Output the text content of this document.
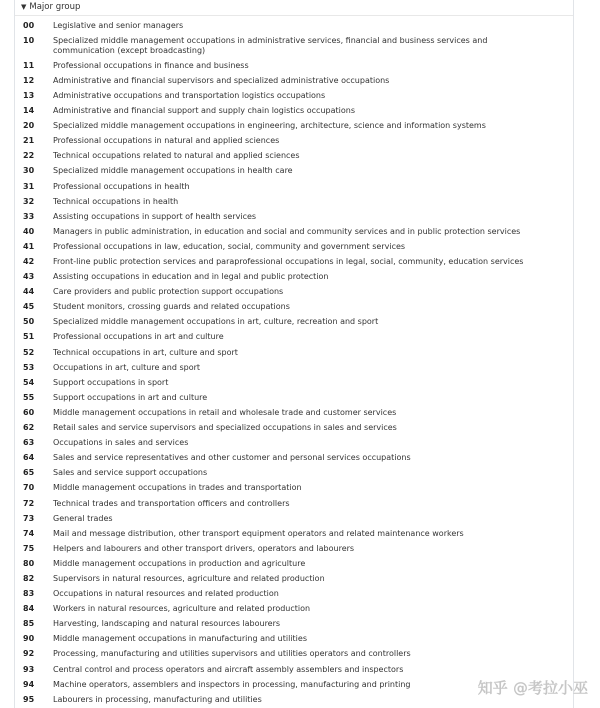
▼ Major group
00	Legislative and senior managers
10	Specialized middle management occupations in administrative services, financial and business services and communication (except broadcasting)
11	Professional occupations in finance and business
12	Administrative and financial supervisors and specialized administrative occupations
13	Administrative occupations and transportation logistics occupations
14	Administrative and financial support and supply chain logistics occupations
20	Specialized middle management occupations in engineering, architecture, science and information systems
21	Professional occupations in natural and applied sciences
22	Technical occupations related to natural and applied sciences
30	Specialized middle management occupations in health care
31	Professional occupations in health
32	Technical occupations in health
33	Assisting occupations in support of health services
40	Managers in public administration, in education and social and community services and in public protection services
41	Professional occupations in law, education, social, community and government services
42	Front-line public protection services and paraprofessional occupations in legal, social, community, education services
43	Assisting occupations in education and in legal and public protection
44	Care providers and public protection support occupations
45	Student monitors, crossing guards and related occupations
50	Specialized middle management occupations in art, culture, recreation and sport
51	Professional occupations in art and culture
52	Technical occupations in art, culture and sport
53	Occupations in art, culture and sport
54	Support occupations in sport
55	Support occupations in art and culture
60	Middle management occupations in retail and wholesale trade and customer services
62	Retail sales and service supervisors and specialized occupations in sales and services
63	Occupations in sales and services
64	Sales and service representatives and other customer and personal services occupations
65	Sales and service support occupations
70	Middle management occupations in trades and transportation
72	Technical trades and transportation officers and controllers
73	General trades
74	Mail and message distribution, other transport equipment operators and related maintenance workers
75	Helpers and labourers and other transport drivers, operators and labourers
80	Middle management occupations in production and agriculture
82	Supervisors in natural resources, agriculture and related production
83	Occupations in natural resources and related production
84	Workers in natural resources, agriculture and related production
85	Harvesting, landscaping and natural resources labourers
90	Middle management occupations in manufacturing and utilities
92	Processing, manufacturing and utilities supervisors and utilities operators and controllers
93	Central control and process operators and aircraft assembly assemblers and inspectors
94	Machine operators, assemblers and inspectors in processing, manufacturing and printing
95	Labourers in processing, manufacturing and utilities
知乎 @考拉小巫
